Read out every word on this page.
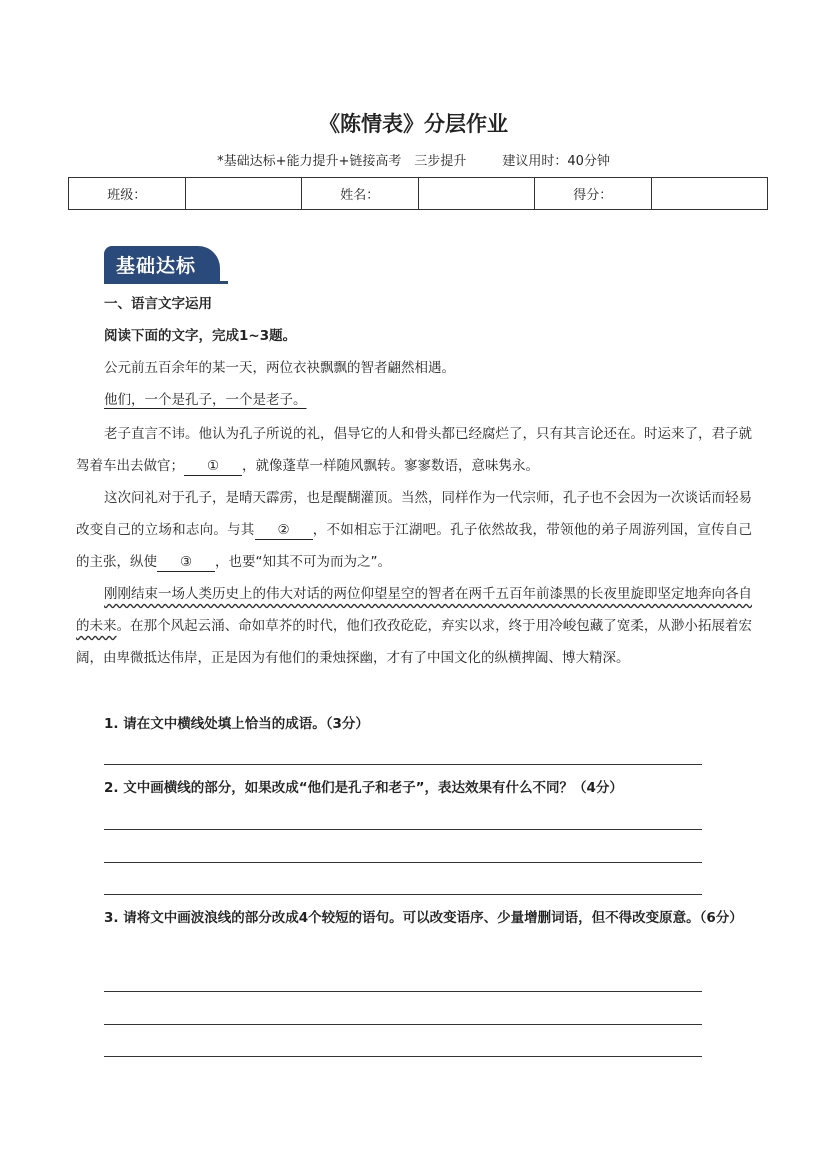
《陈情表》分层作业
*基础达标+能力提升+链接高考　三步提升	建议用时：40分钟
班级：		姓名：		得分：	
基础达标
一、语言文字运用
阅读下面的文字，完成1~3题。
公元前五百余年的某一天，两位衣袂飘飘的智者翩然相遇。
他们，一个是孔子，一个是老子。
老子直言不讳。他认为孔子所说的礼，倡导它的人和骨头都已经腐烂了，只有其言论还在。时运来了，君子就驾着车出去做官； ① ，就像蓬草一样随风飘转。寥寥数语，意味隽永。
这次问礼对于孔子，是晴天霹雳，也是醍醐灌顶。当然，同样作为一代宗师，孔子也不会因为一次谈话而轻易改变自己的立场和志向。与其 ② ，不如相忘于江湖吧。孔子依然故我，带领他的弟子周游列国，宣传自己的主张，纵使 ③ ，也要“知其不可为而为之”。
刚刚结束一场人类历史上的伟大对话的两位仰望星空的智者在两千五百年前漆黑的长夜里旋即坚定地奔向各自的未来。在那个风起云涌、命如草芥的时代，他们孜孜矻矻，弃实以求，终于用冷峻包藏了宽柔，从渺小拓展着宏阔，由卑微抵达伟岸，正是因为有他们的秉烛探幽，才有了中国文化的纵横捭阖、博大精深。
1. 请在文中横线处填上恰当的成语。（3分）
2. 文中画横线的部分，如果改成“他们是孔子和老子”，表达效果有什么不同？（4分）
3. 请将文中画波浪线的部分改成4个较短的语句。可以改变语序、少量增删词语，但不得改变原意。（6分）
